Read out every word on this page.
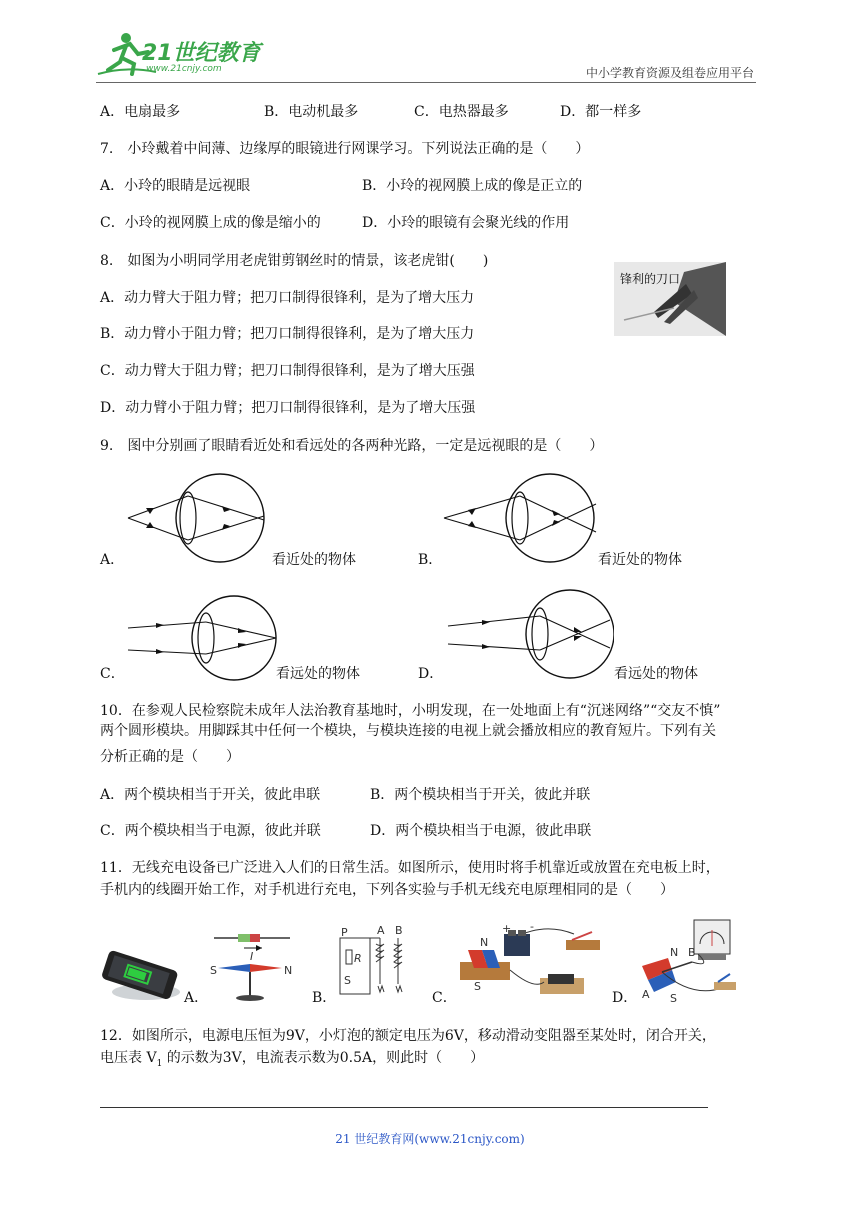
21世纪教育
www.21cnjy.com	中小学教育资源及组卷应用平台
A．电扇最多	B．电动机最多	C．电热器最多	D．都一样多
7.　小玲戴着中间薄、边缘厚的眼镜进行网课学习。下列说法正确的是（　　）
A．小玲的眼睛是远视眼	B．小玲的视网膜上成的像是正立的
C．小玲的视网膜上成的像是缩小的	D．小玲的眼镜有会聚光线的作用
8.　如图为小明同学用老虎钳剪钢丝时的情景，该老虎钳(　　)
锋利的刀口
A．动力臂大于阻力臂；把刀口制得很锋利，是为了增大压力
B．动力臂小于阻力臂；把刀口制得很锋利，是为了增大压力
C．动力臂大于阻力臂；把刀口制得很锋利，是为了增大压强
D．动力臂小于阻力臂；把刀口制得很锋利，是为了增大压强
9.　图中分别画了眼睛看近处和看远处的各两种光路，一定是远视眼的是（　　）
A．	看近处的物体	B．	看近处的物体
C．	看远处的物体	D．	看远处的物体
10．在参观人民检察院未成年人法治教育基地时，小明发现，在一处地面上有“沉迷网络”“交友不慎”
两个圆形模块。用脚踩其中任何一个模块，与模块连接的电视上就会播放相应的教育短片。下列有关
分析正确的是（　　）
A．两个模块相当于开关，彼此串联	B．两个模块相当于开关，彼此并联
C．两个模块相当于电源，彼此并联	D．两个模块相当于电源，彼此串联
11．无线充电设备已广泛进入人们的日常生活。如图所示，使用时将手机靠近或放置在充电板上时，
手机内的线圈开始工作，对手机进行充电，下列各实验与手机无线充电原理相同的是（　　）
A．
I
S	N
B．
P
R
S
A B
C．
+ -
N
S
D．
N
S
B
A
12．如图所示，电源电压恒为9V，小灯泡的额定电压为6V，移动滑动变阻器至某处时，闭合开关，
电压表 $V_1$ 的示数为3V，电流表示数为0.5A，则此时（　　）
21 世纪教育网(www.21cnjy.com)
